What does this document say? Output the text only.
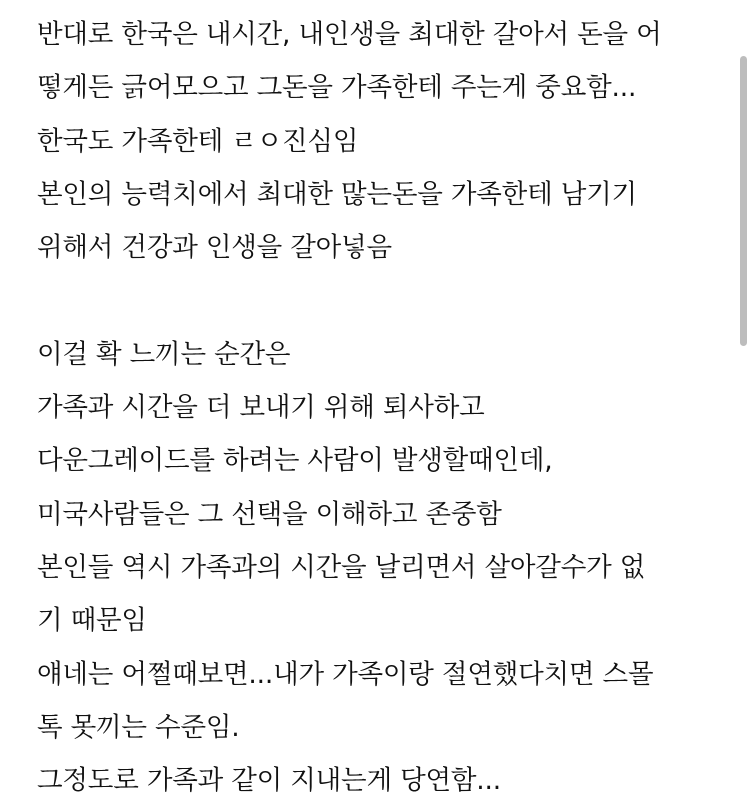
반대로 한국은 내시간, 내인생을 최대한 갈아서 돈을 어
떻게든 긁어모으고 그돈을 가족한테 주는게 중요함...
한국도 가족한테 ㄹㅇ진심임
본인의 능력치에서 최대한 많는돈을 가족한테 남기기
위해서 건강과 인생을 갈아넣음
이걸 확 느끼는 순간은
가족과 시간을 더 보내기 위해 퇴사하고
다운그레이드를 하려는 사람이 발생할때인데,
미국사람들은 그 선택을 이해하고 존중함
본인들 역시 가족과의 시간을 날리면서 살아갈수가 없
기 때문임
얘네는 어쩔때보면...내가 가족이랑 절연했다치면 스몰
톡 못끼는 수준임.
그정도로 가족과 같이 지내는게 당연함...
